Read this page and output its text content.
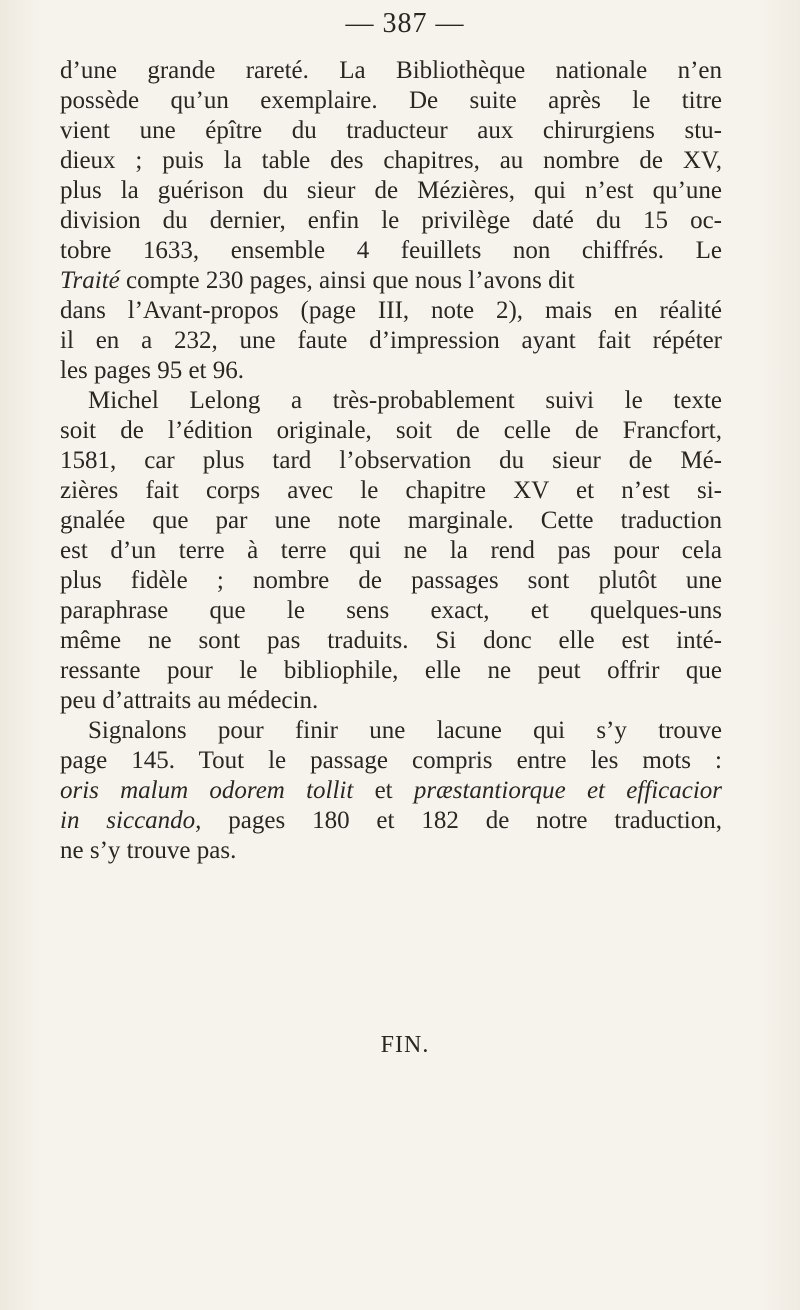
— 387 —
d’une grande rareté. La Bibliothèque nationale n’en
possède qu’un exemplaire. De suite après le titre
vient une épître du traducteur aux chirurgiens stu-
dieux ; puis la table des chapitres, au nombre de XV,
plus la guérison du sieur de Mézières, qui n’est qu’une
division du dernier, enfin le privilège daté du 15 oc-
tobre 1633, ensemble 4 feuillets non chiffrés. Le
Traité compte 230 pages, ainsi que nous l’avons dit
dans l’Avant-propos (page III, note 2), mais en réalité
il en a 232, une faute d’impression ayant fait répéter
les pages 95 et 96.
Michel Lelong a très-probablement suivi le texte
soit de l’édition originale, soit de celle de Francfort,
1581, car plus tard l’observation du sieur de Mé-
zières fait corps avec le chapitre XV et n’est si-
gnalée que par une note marginale. Cette traduction
est d’un terre à terre qui ne la rend pas pour cela
plus fidèle ; nombre de passages sont plutôt une
paraphrase que le sens exact, et quelques-uns
même ne sont pas traduits. Si donc elle est inté-
ressante pour le bibliophile, elle ne peut offrir que
peu d’attraits au médecin.
Signalons pour finir une lacune qui s’y trouve
page 145. Tout le passage compris entre les mots :
oris malum odorem tollit et præstantiorque et efficacior
in siccando, pages 180 et 182 de notre traduction,
ne s’y trouve pas.
FIN.
